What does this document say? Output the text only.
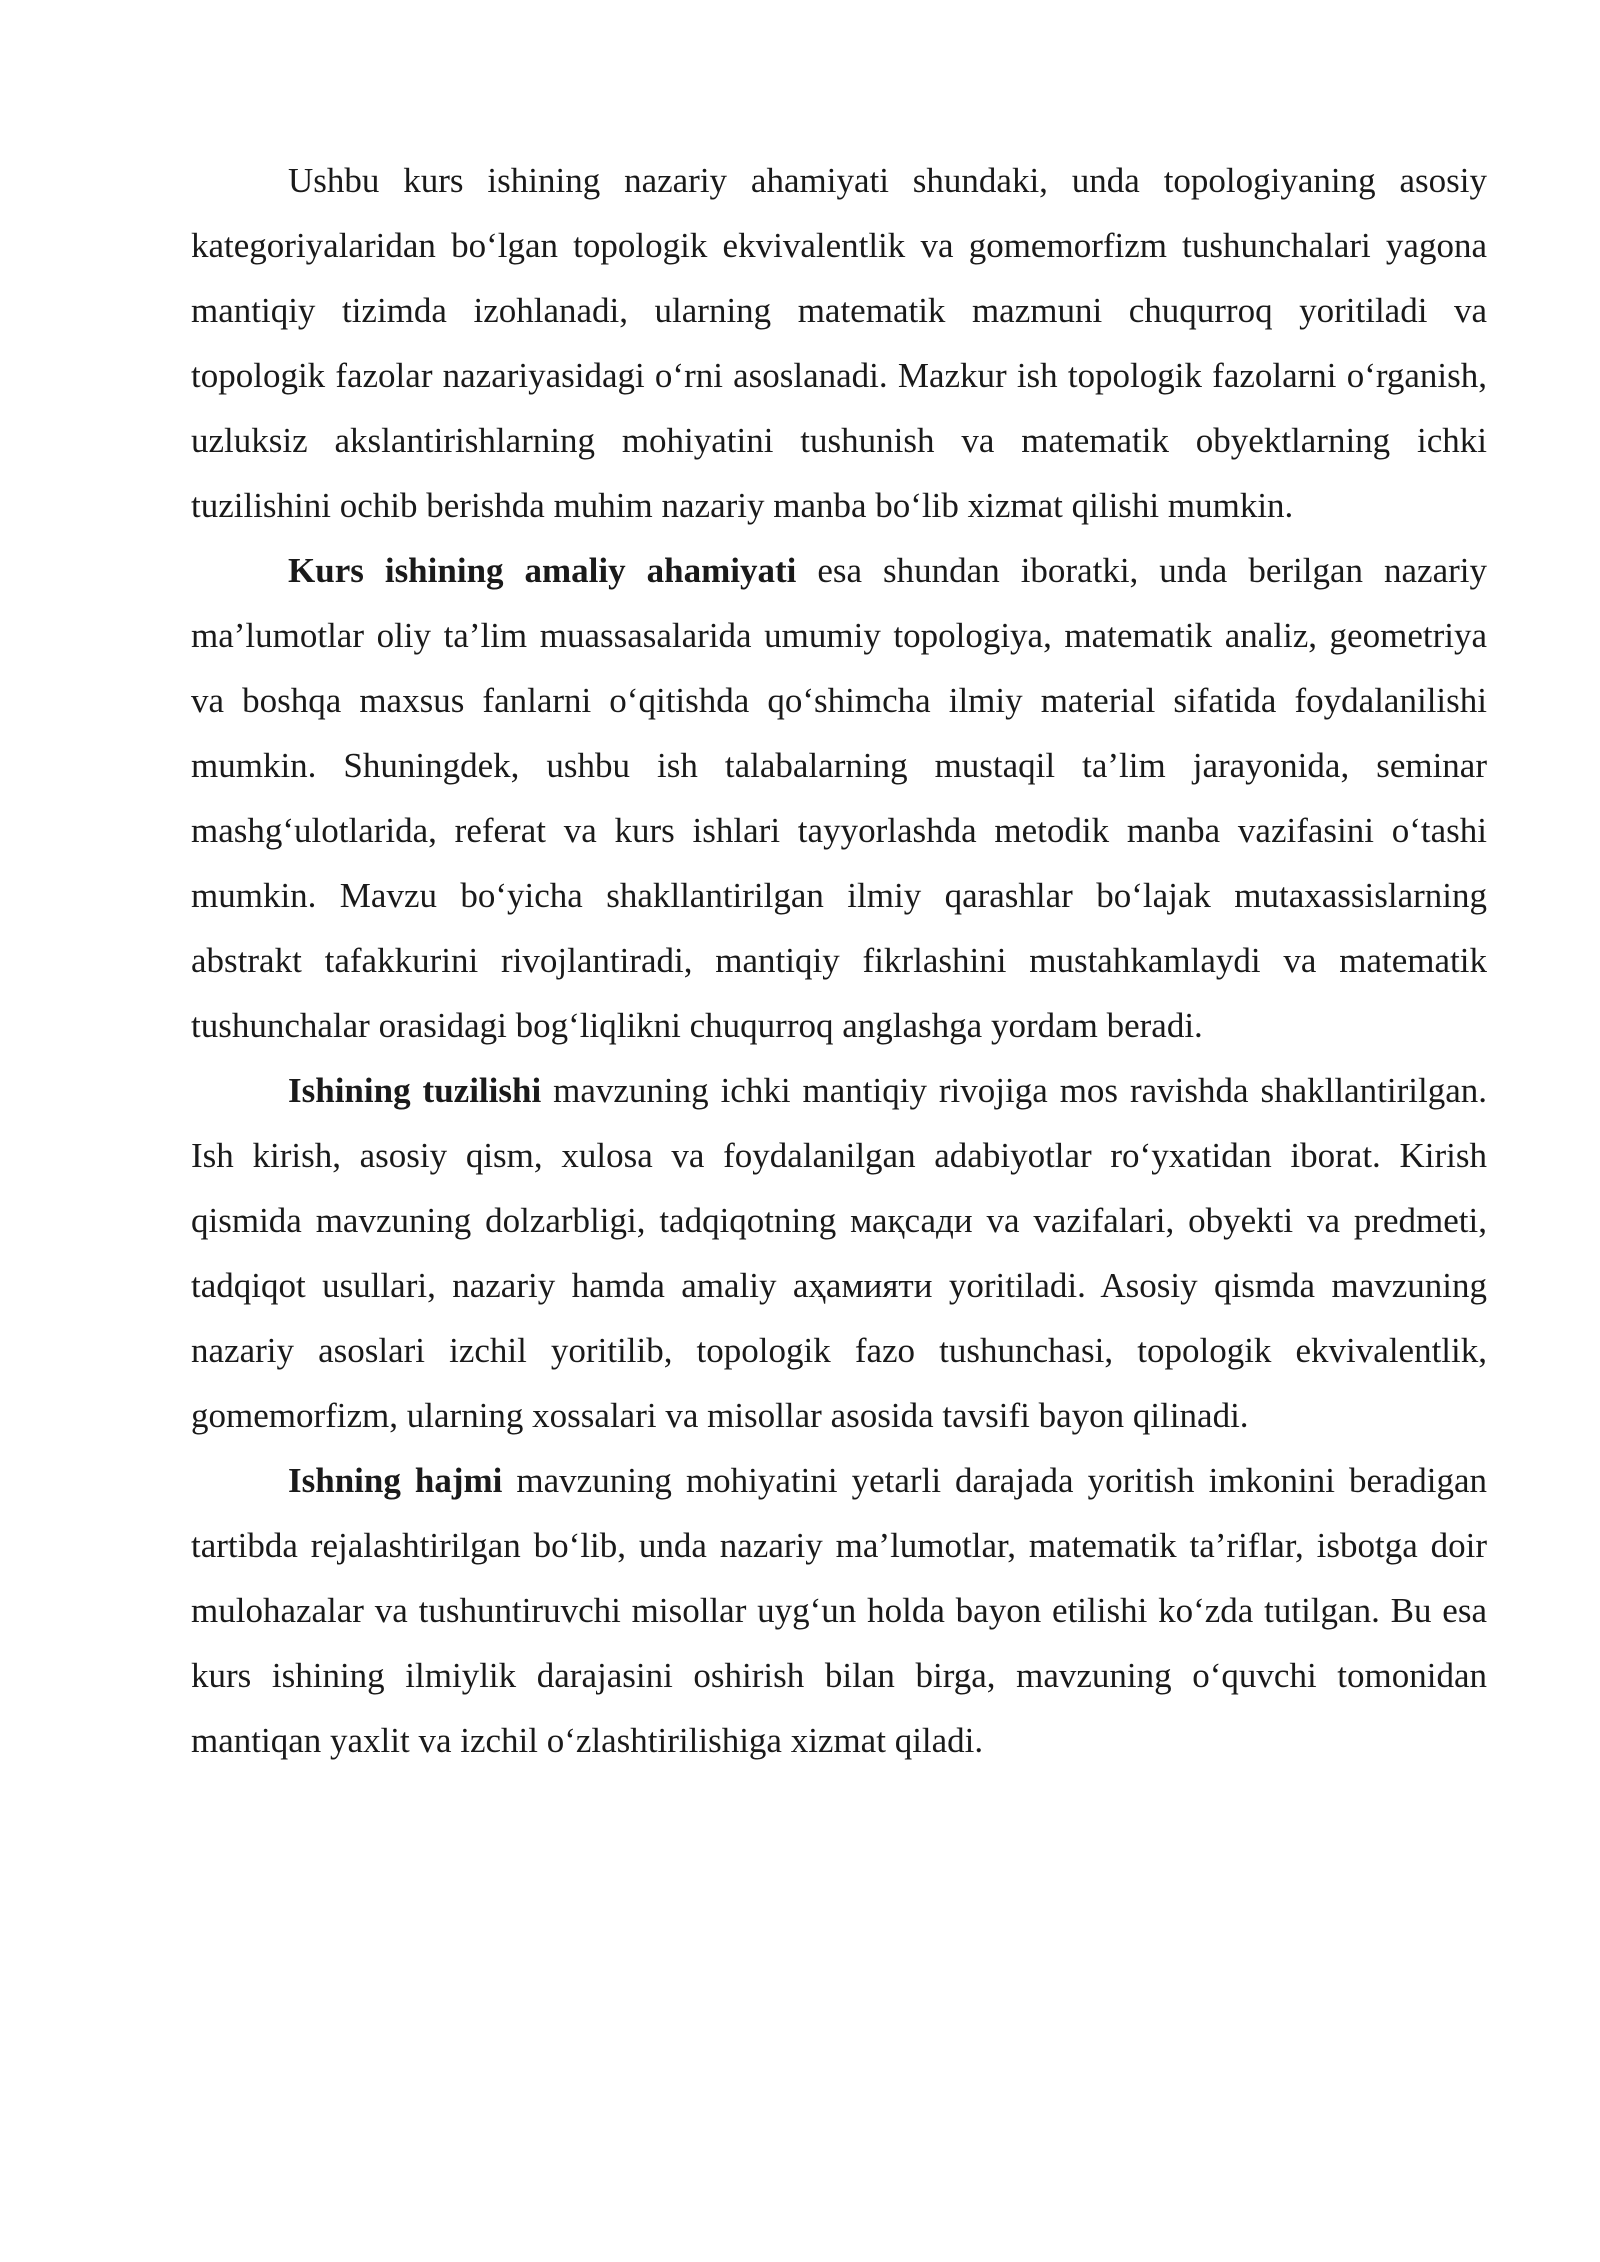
Ushbu kurs ishining nazariy ahamiyati shundaki, unda topologiyaning asosiy kategoriyalaridan bo‘lgan topologik ekvivalentlik va gomemorfizm tushunchalari yagona mantiqiy tizimda izohlanadi, ularning matematik mazmuni chuqurroq yoritiladi va topologik fazolar nazariyasidagi o‘rni asoslanadi. Mazkur ish topologik fazolarni o‘rganish, uzluksiz akslantirishlarning mohiyatini tushunish va matematik obyektlarning ichki tuzilishini ochib berishda muhim nazariy manba bo‘lib xizmat qilishi mumkin.

Kurs ishining amaliy ahamiyati esa shundan iboratki, unda berilgan nazariy ma’lumotlar oliy ta’lim muassasalarida umumiy topologiya, matematik analiz, geometriya va boshqa maxsus fanlarni o‘qitishda qo‘shimcha ilmiy material sifatida foydalanilishi mumkin. Shuningdek, ushbu ish talabalarning mustaqil ta’lim jarayonida, seminar mashg‘ulotlarida, referat va kurs ishlari tayyorlashda metodik manba vazifasini o‘tashi mumkin. Mavzu bo‘yicha shakllantirilgan ilmiy qarashlar bo‘lajak mutaxassislarning abstrakt tafakkurini rivojlantiradi, mantiqiy fikrlashini mustahkamlaydi va matematik tushunchalar orasidagi bog‘liqlikni chuqurroq anglashga yordam beradi.

Ishining tuzilishi mavzuning ichki mantiqiy rivojiga mos ravishda shakllantirilgan. Ish kirish, asosiy qism, xulosa va foydalanilgan adabiyotlar ro‘yxatidan iborat. Kirish qismida mavzuning dolzarbligi, tadqiqotning мақсади va vazifalari, obyekti va predmeti, tadqiqot usullari, nazariy hamda amaliy аҳамияти yoritiladi. Asosiy qismda mavzuning nazariy asoslari izchil yoritilib, topologik fazo tushunchasi, topologik ekvivalentlik, gomemorfizm, ularning xossalari va misollar asosida tavsifi bayon qilinadi.

Ishning hajmi mavzuning mohiyatini yetarli darajada yoritish imkonini beradigan tartibda rejalashtirilgan bo‘lib, unda nazariy ma’lumotlar, matematik ta’riflar, isbotga doir mulohazalar va tushuntiruvchi misollar uyg‘un holda bayon etilishi ko‘zda tutilgan. Bu esa kurs ishining ilmiylik darajasini oshirish bilan birga, mavzuning o‘quvchi tomonidan mantiqan yaxlit va izchil o‘zlashtirilishiga xizmat qiladi.
